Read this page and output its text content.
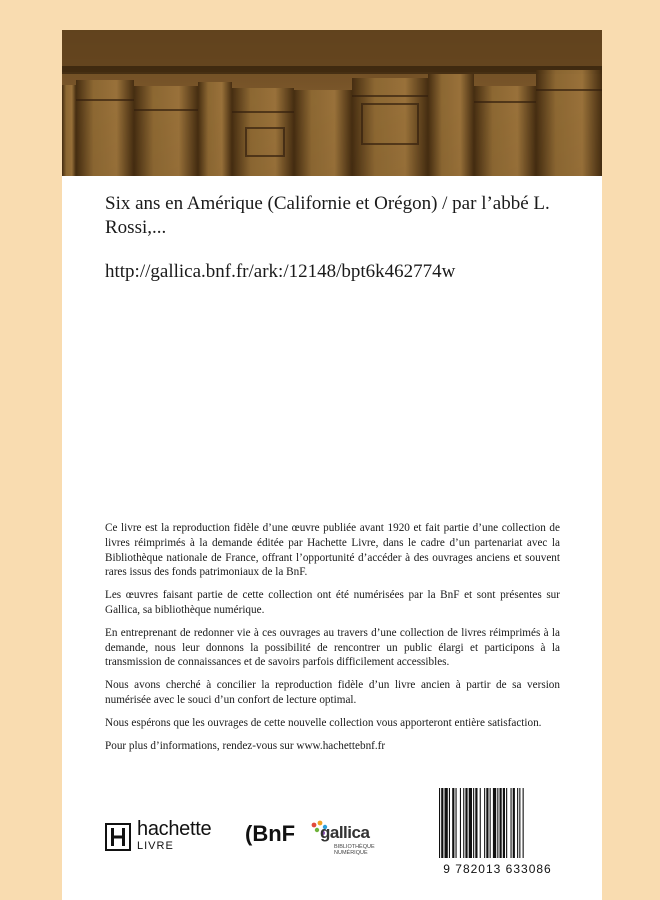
Six ans en Amérique (Californie et Orégon) / par l’abbé L. Rossi,...
http://gallica.bnf.fr/ark:/12148/bpt6k462774w

Ce livre est la reproduction fidèle d’une œuvre publiée avant 1920 et fait partie d’une collection de livres réimprimés à la demande éditée par Hachette Livre, dans le cadre d’un partenariat avec la Bibliothèque nationale de France, offrant l’opportunité d’accéder à des ouvrages anciens et souvent rares issus des fonds patrimoniaux de la BnF.

Les œuvres faisant partie de cette collection ont été numérisées par la BnF et sont présentes sur Gallica, sa bibliothèque numérique.

En entreprenant de redonner vie à ces ouvrages au travers d’une collection de livres réimprimés à la demande, nous leur donnons la possibilité de rencontrer un public élargi et participons à la transmission de connaissances et de savoirs parfois difficilement accessibles.

Nous avons cherché à concilier la reproduction fidèle d’un livre ancien à partir de sa version numérisée avec le souci d’un confort de lecture optimal.

Nous espérons que les ouvrages de cette nouvelle collection vous apporteront entière satisfaction.

Pour plus d’informations, rendez-vous sur www.hachettebnf.fr

hachette
LIVRE	(BnF gallica
BIBLIOTHÈQUE NUMÉRIQUE
9 782013 633086
